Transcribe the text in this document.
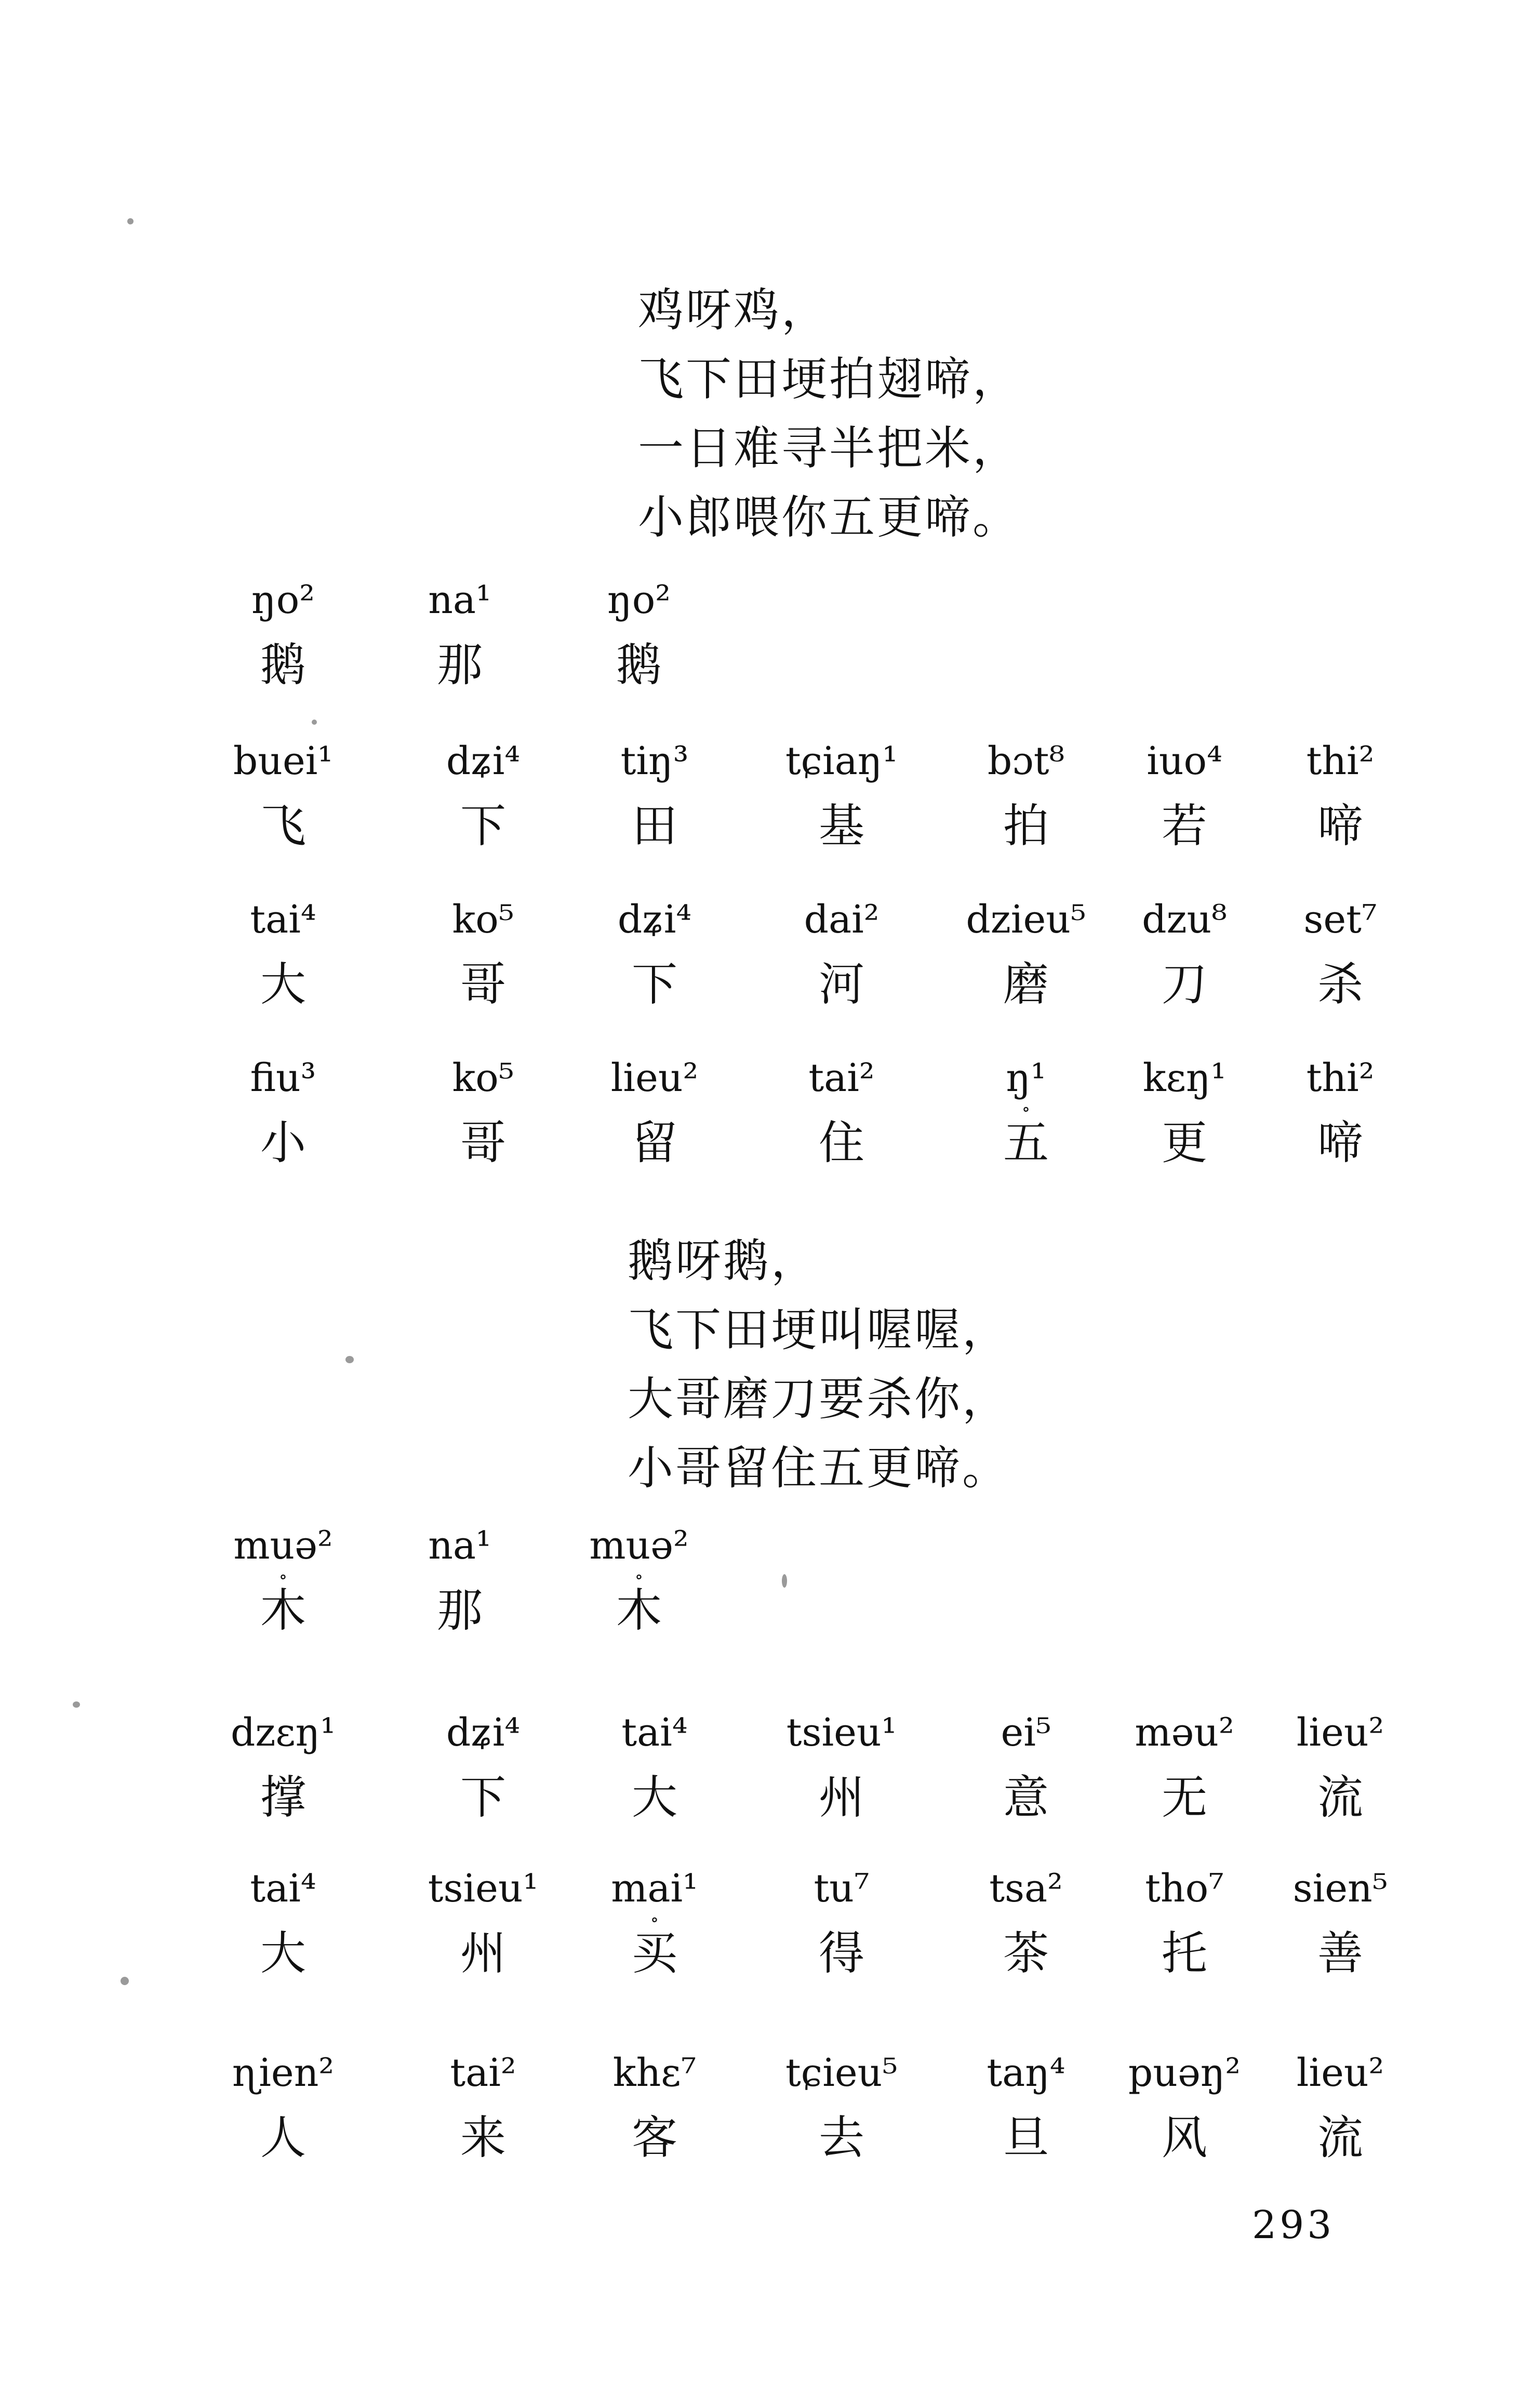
鸡呀鸡，
飞下田埂拍翅啼，
一日难寻半把米，
小郎喂你五更啼。
ŋo²
鹅
na¹
那
ŋo²
鹅
buei¹
飞
dʑi⁴
下
tiŋ³
田
tɕiaŋ¹
基
bɔt⁸
拍
iuo⁴
若
thi²
啼
tai⁴
大
ko⁵
哥
dʑi⁴
下
dai²
河
dzieu⁵
磨
dzu⁸
刀
set⁷
杀
fiu³
小
ko⁵
哥
lieu²
留
tai²
住
ŋ¹
∘
五
kɛŋ¹
更
thi²
啼
鹅呀鹅，
飞下田埂叫喔喔，
大哥磨刀要杀你，
小哥留住五更啼。
muə²
∘
木
na¹
那
muə²
∘
木
dzɛŋ¹
撑
dʑi⁴
下
tai⁴
大
tsieu¹
州
ei⁵
意
məu²
无
lieu²
流
tai⁴
大
tsieu¹
州
mai¹
∘
买
tu⁷
得
tsa²
茶
tho⁷
托
sien⁵
善
ɳien²
人
tai²
来
khɛ⁷
客
tɕieu⁵
去
taŋ⁴
旦
puəŋ²
风
lieu²
流
293
